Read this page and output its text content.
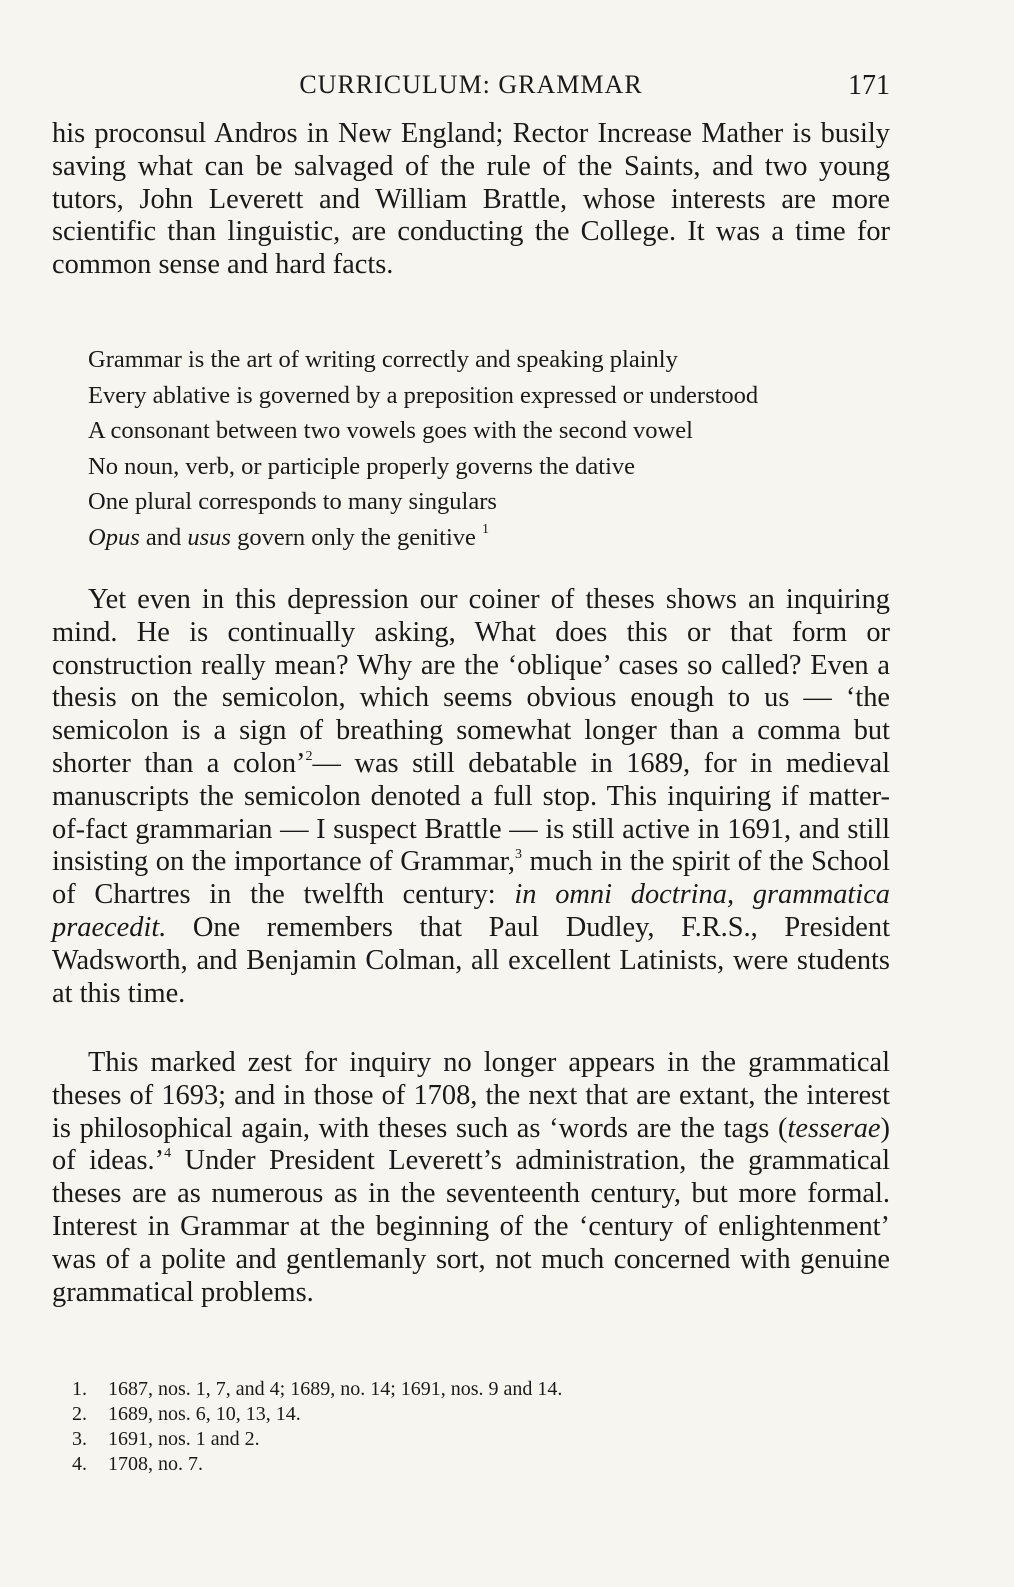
CURRICULUM: GRAMMAR	171

his proconsul Andros in New England; Rector Increase Mather is busily saving what can be salvaged of the rule of the Saints, and two young tutors, John Leverett and William Brattle, whose interests are more scientific than linguistic, are conducting the College. It was a time for common sense and hard facts.

Grammar is the art of writing correctly and speaking plainly
Every ablative is governed by a preposition expressed or understood
A consonant between two vowels goes with the second vowel
No noun, verb, or participle properly governs the dative
One plural corresponds to many singulars
Opus and usus govern only the genitive $^1$

Yet even in this depression our coiner of theses shows an inquiring mind. He is continually asking, What does this or that form or construction really mean? Why are the ‘oblique’ cases so called? Even a thesis on the semicolon, which seems obvious enough to us — ‘the semicolon is a sign of breathing somewhat longer than a comma but shorter than a colon’$^2$— was still debatable in 1689, for in medieval manuscripts the semicolon denoted a full stop. This inquiring if matter-of-fact grammarian — I suspect Brattle — is still active in 1691, and still insisting on the importance of Grammar,$^3$ much in the spirit of the School of Chartres in the twelfth century: in omni doctrina, grammatica praecedit. One remembers that Paul Dudley, F.R.S., President Wadsworth, and Benjamin Colman, all excellent Latinists, were students at this time.

This marked zest for inquiry no longer appears in the grammatical theses of 1693; and in those of 1708, the next that are extant, the interest is philosophical again, with theses such as ‘words are the tags (tesserae) of ideas.’$^4$ Under President Leverett’s administration, the grammatical theses are as numerous as in the seventeenth century, but more formal. Interest in Grammar at the beginning of the ‘century of enlightenment’ was of a polite and gentlemanly sort, not much concerned with genuine grammatical problems.

1. 1687, nos. 1, 7, and 4; 1689, no. 14; 1691, nos. 9 and 14.
2. 1689, nos. 6, 10, 13, 14.
3. 1691, nos. 1 and 2.
4. 1708, no. 7.
